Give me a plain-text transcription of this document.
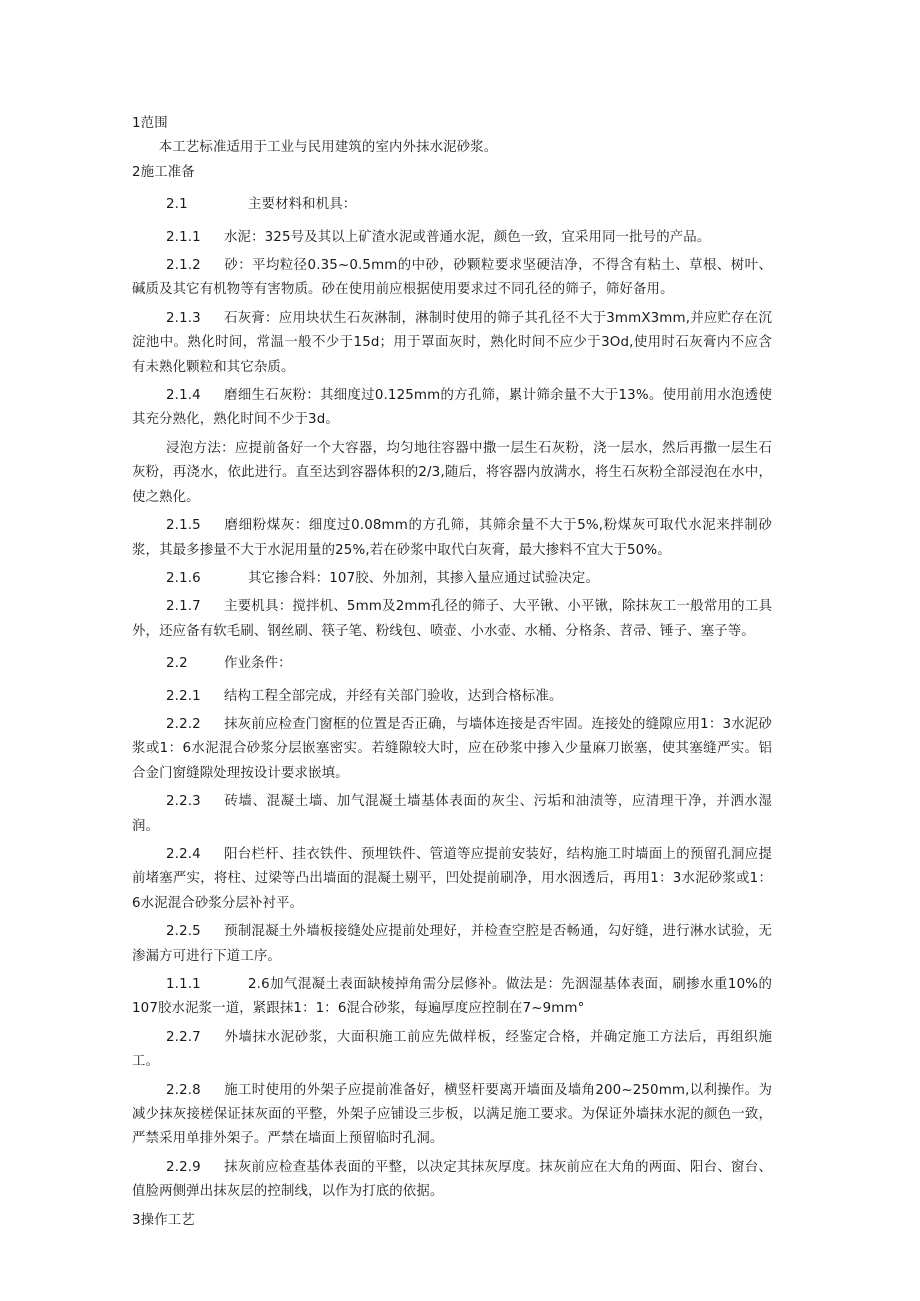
1范围
本工艺标准适用于工业与民用建筑的室内外抹水泥砂浆。
2施工准备
2.1	主要材料和机具：
2.1.1 水泥：325号及其以上矿渣水泥或普通水泥，颜色一致，宜采用同一批号的产品。
2.1.2 砂：平均粒径0.35~0.5mm的中砂，砂颗粒要求坚硬洁净，不得含有粘土、草根、树叶、碱质及其它有机物等有害物质。砂在使用前应根据使用要求过不同孔径的筛子，筛好备用。
2.1.3 石灰膏：应用块状生石灰淋制，淋制时使用的筛子其孔径不大于3mmX3mm,并应贮存在沉淀池中。熟化时间，常温一般不少于15d；用于罩面灰时，熟化时间不应少于3Od,使用时石灰膏内不应含有未熟化颗粒和其它杂质。
2.1.4 磨细生石灰粉：其细度过0.125mm的方孔筛，累计筛余量不大于13%。使用前用水泡透使其充分熟化，熟化时间不少于3d。
浸泡方法：应提前备好一个大容器，均匀地往容器中撒一层生石灰粉，浇一层水，然后再撒一层生石灰粉，再浇水，依此进行。直至达到容器体积的2/3,随后，将容器内放满水，将生石灰粉全部浸泡在水中，使之熟化。
2.1.5 磨细粉煤灰：细度过0.08mm的方孔筛，其筛余量不大于5%,粉煤灰可取代水泥来拌制砂浆，其最多掺量不大于水泥用量的25%,若在砂浆中取代白灰膏，最大掺料不宜大于50%。
2.1.6	其它掺合料：107胶、外加剂，其掺入量应通过试验决定。
2.1.7 主要机具：搅拌机、5mm及2mm孔径的筛子、大平锹、小平锹，除抹灰工一般常用的工具外，还应备有软毛刷、钢丝刷、筷子笔、粉线包、喷壶、小水壶、水桶、分格条、苕帚、锤子、塞子等。
2.2	作业条件：
2.2.1 结构工程全部完成，并经有关部门验收，达到合格标准。
2.2.2 抹灰前应检查门窗框的位置是否正确，与墙体连接是否牢固。连接处的缝隙应用1：3水泥砂浆或1：6水泥混合砂浆分层嵌塞密实。若缝隙较大时，应在砂浆中掺入少量麻刀嵌塞，使其塞缝严实。铝合金门窗缝隙处理按设计要求嵌填。
2.2.3 砖墙、混凝土墙、加气混凝土墙基体表面的灰尘、污垢和油渍等，应清理干净，并洒水湿润。
2.2.4 阳台栏杆、挂衣铁件、预埋铁件、管道等应提前安装好，结构施工时墙面上的预留孔洞应提前堵塞严实，将柱、过梁等凸出墙面的混凝土剔平，凹处提前刷净，用水洇透后，再用1：3水泥砂浆或1：6水泥混合砂浆分层补衬平。
2.2.5 预制混凝土外墙板接缝处应提前处理好，并检查空腔是否畅通，勾好缝，进行淋水试验，无渗漏方可进行下道工序。
1.1.1	2.6加气混凝土表面缺棱掉角需分层修补。做法是：先洇湿基体表面，刷掺水重10%的107胶水泥浆一道，紧跟抹1：1：6混合砂浆，每遍厚度应控制在7~9mm°
2.2.7 外墙抹水泥砂浆，大面积施工前应先做样板，经鉴定合格，并确定施工方法后，再组织施工。
2.2.8 施工时使用的外架子应提前准备好，横竖杆要离开墙面及墙角200~250mm,以利操作。为减少抹灰接槎保证抹灰面的平整，外架子应铺设三步板，以满足施工要求。为保证外墙抹水泥的颜色一致，严禁采用单排外架子。严禁在墙面上预留临时孔洞。
2.2.9 抹灰前应检查基体表面的平整，以决定其抹灰厚度。抹灰前应在大角的两面、阳台、窗台、值脸两侧弹出抹灰层的控制线，以作为打底的依据。
3操作工艺
